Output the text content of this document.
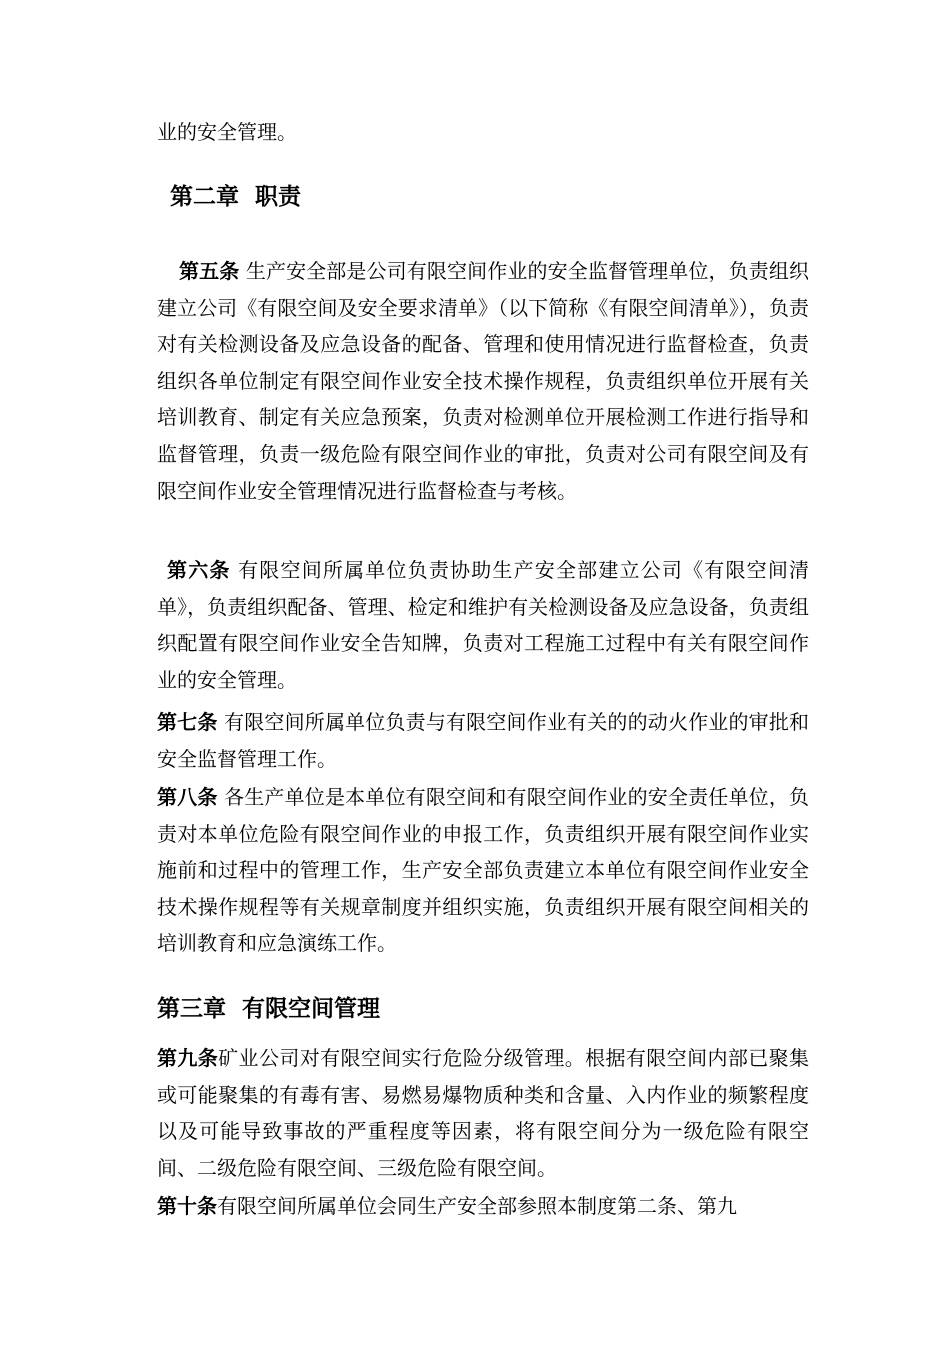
业的安全管理。

第二章  职责

第五条 生产安全部是公司有限空间作业的安全监督管理单位，负责组织建立公司《有限空间及安全要求清单》（以下简称《有限空间清单》），负责对有关检测设备及应急设备的配备、管理和使用情况进行监督检查，负责组织各单位制定有限空间作业安全技术操作规程，负责组织单位开展有关培训教育、制定有关应急预案，负责对检测单位开展检测工作进行指导和监督管理，负责一级危险有限空间作业的审批，负责对公司有限空间及有限空间作业安全管理情况进行监督检查与考核。

第六条 有限空间所属单位负责协助生产安全部建立公司《有限空间清单》，负责组织配备、管理、检定和维护有关检测设备及应急设备，负责组织配置有限空间作业安全告知牌，负责对工程施工过程中有关有限空间作业的安全管理。

第七条 有限空间所属单位负责与有限空间作业有关的的动火作业的审批和安全监督管理工作。

第八条 各生产单位是本单位有限空间和有限空间作业的安全责任单位，负责对本单位危险有限空间作业的申报工作，负责组织开展有限空间作业实施前和过程中的管理工作，生产安全部负责建立本单位有限空间作业安全技术操作规程等有关规章制度并组织实施，负责组织开展有限空间相关的培训教育和应急演练工作。

第三章  有限空间管理

第九条矿业公司对有限空间实行危险分级管理。根据有限空间内部已聚集或可能聚集的有毒有害、易燃易爆物质种类和含量、入内作业的频繁程度以及可能导致事故的严重程度等因素，将有限空间分为一级危险有限空间、二级危险有限空间、三级危险有限空间。

第十条有限空间所属单位会同生产安全部参照本制度第二条、第九
